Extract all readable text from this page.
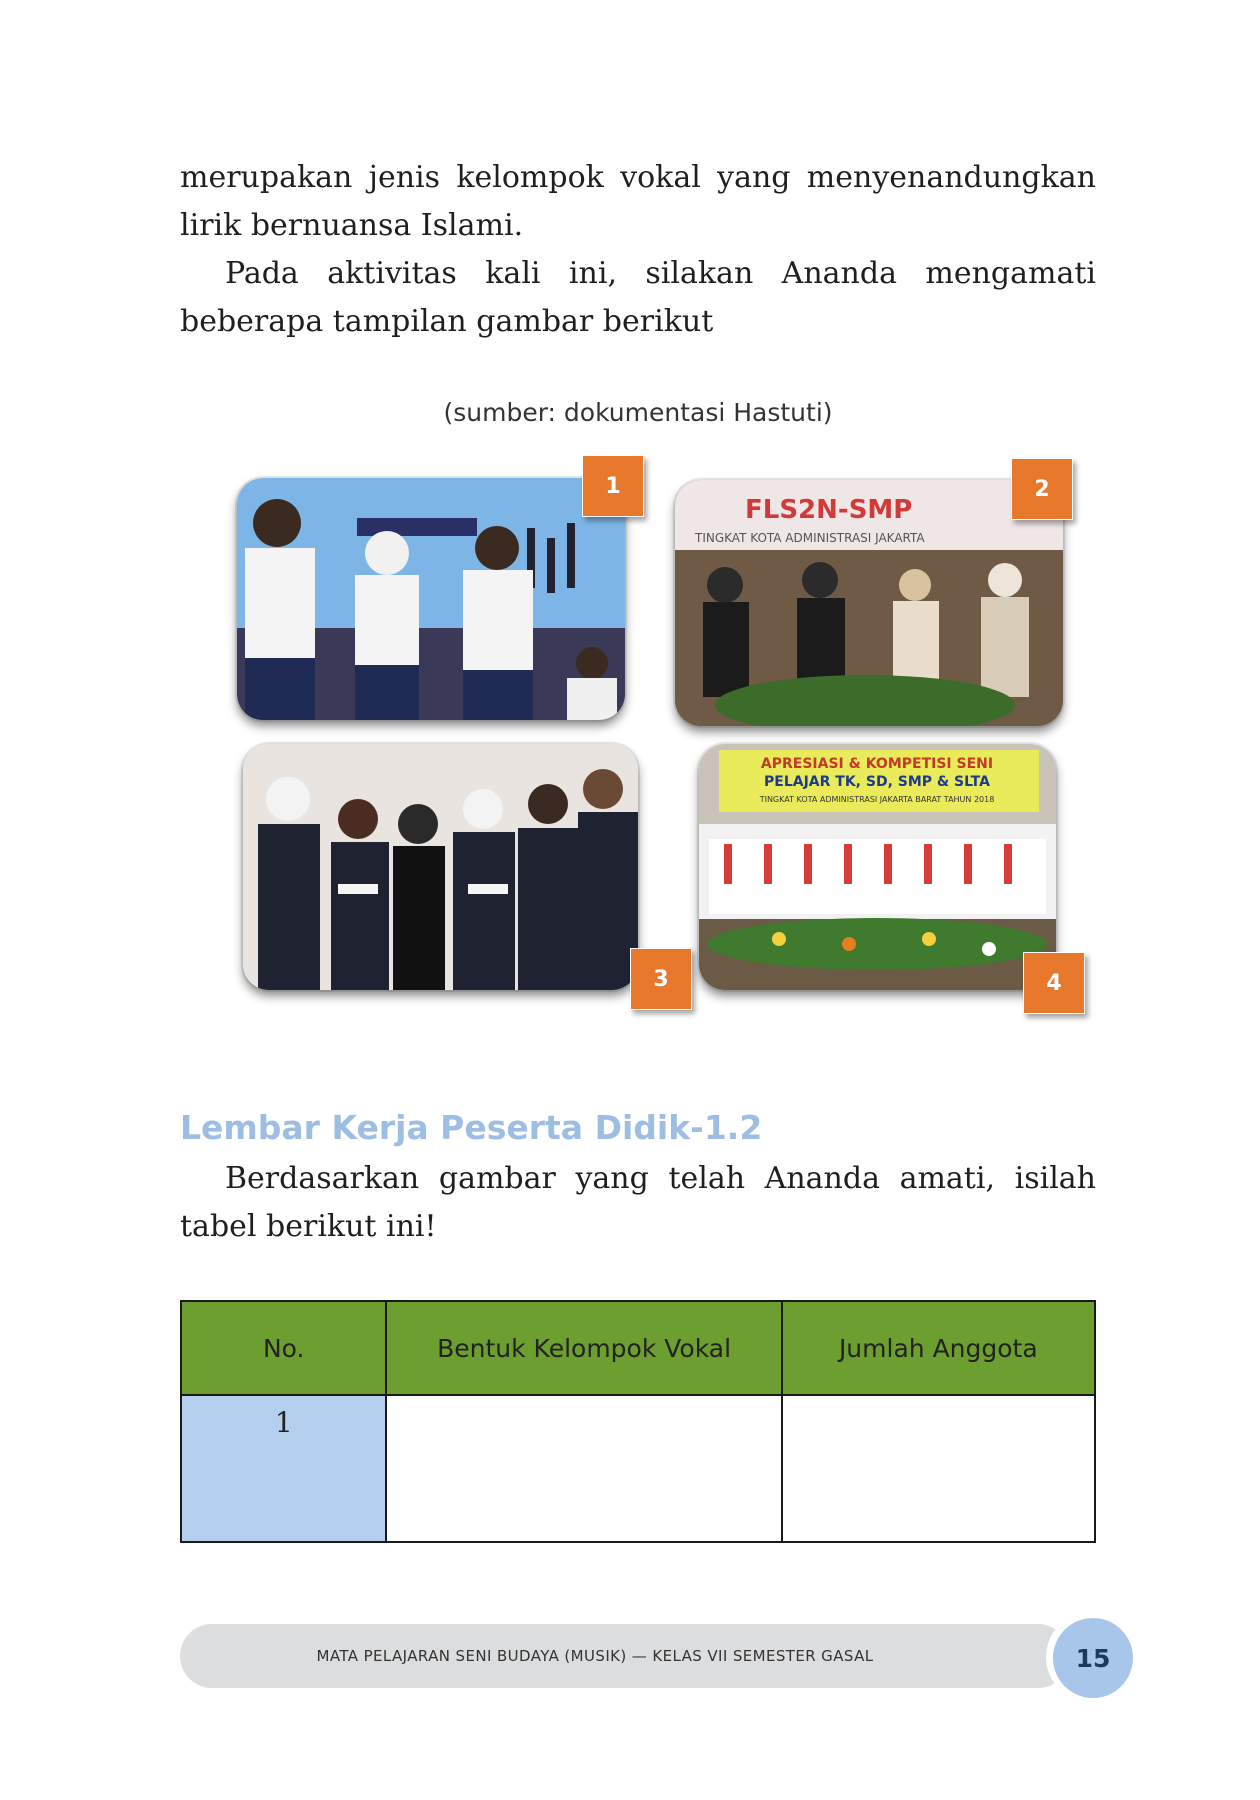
merupakan jenis kelompok vokal yang menyenandungkan lirik bernuansa Islami.

Pada aktivitas kali ini, silakan Ananda mengamati beberapa tampilan gambar berikut

(sumber: dokumentasi Hastuti)
1
FLS2N-SMP
TINGKAT KOTA ADMINISTRASI JAKARTA
2
3
APRESIASI & KOMPETISI SENI
PELAJAR TK, SD, SMP & SLTA
TINGKAT KOTA ADMINISTRASI JAKARTA BARAT TAHUN 2018
4
Lembar Kerja Peserta Didik-1.2

Berdasarkan gambar yang telah Ananda amati, isilah tabel berikut ini!

No.	Bentuk Kelompok Vokal	Jumlah Anggota
1		
MATA PELAJARAN SENI BUDAYA (MUSIK) — KELAS VII SEMESTER GASAL	15
